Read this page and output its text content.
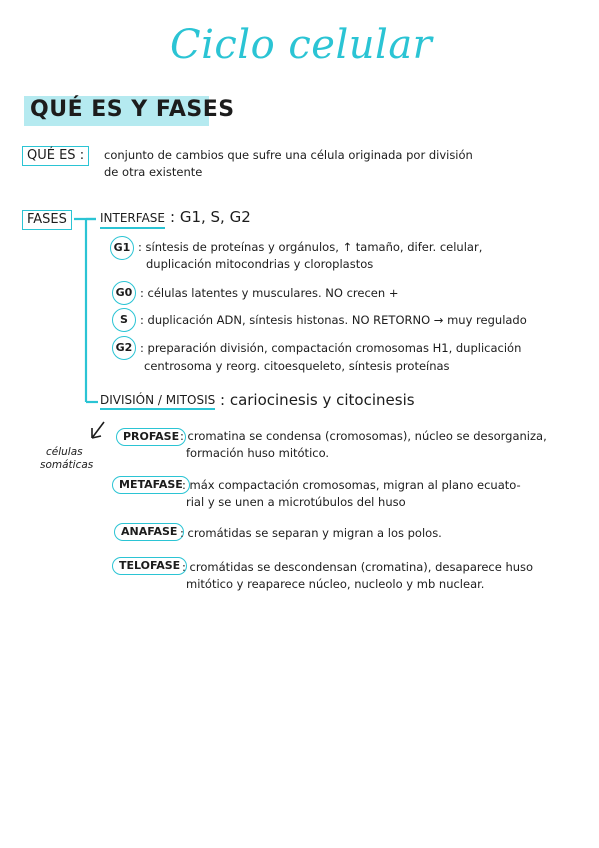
Ciclo celular
QUÉ ES Y FASES
QUÉ ES :	conjunto de cambios que sufre una célula originada por división
de otra existente
FASES	INTERFASE : G1, S, G2
G1 : síntesis de proteínas y orgánulos, ↑ tamaño, difer. celular,
duplicación mitocondrias y cloroplastos
G0 : células latentes y musculares. NO crecen +
S	: duplicación ADN, síntesis histonas. NO RETORNO → muy regulado
G2 : preparación división, compactación cromosomas H1, duplicación
centrosoma y reorg. citoesqueleto, síntesis proteínas
DIVISIÓN / MITOSIS : cariocinesis y citocinesis
células
somáticas
PROFASE : cromatina se condensa (cromosomas), núcleo se desorganiza,
formación huso mitótico.
METAFASE : máx compactación cromosomas, migran al plano ecuato-
rial y se unen a microtúbulos del huso
ANAFASE : cromátidas se separan y migran a los polos.
TELOFASE : cromátidas se descondensan (cromatina), desaparece huso
mitótico y reaparece núcleo, nucleolo y mb nuclear.
